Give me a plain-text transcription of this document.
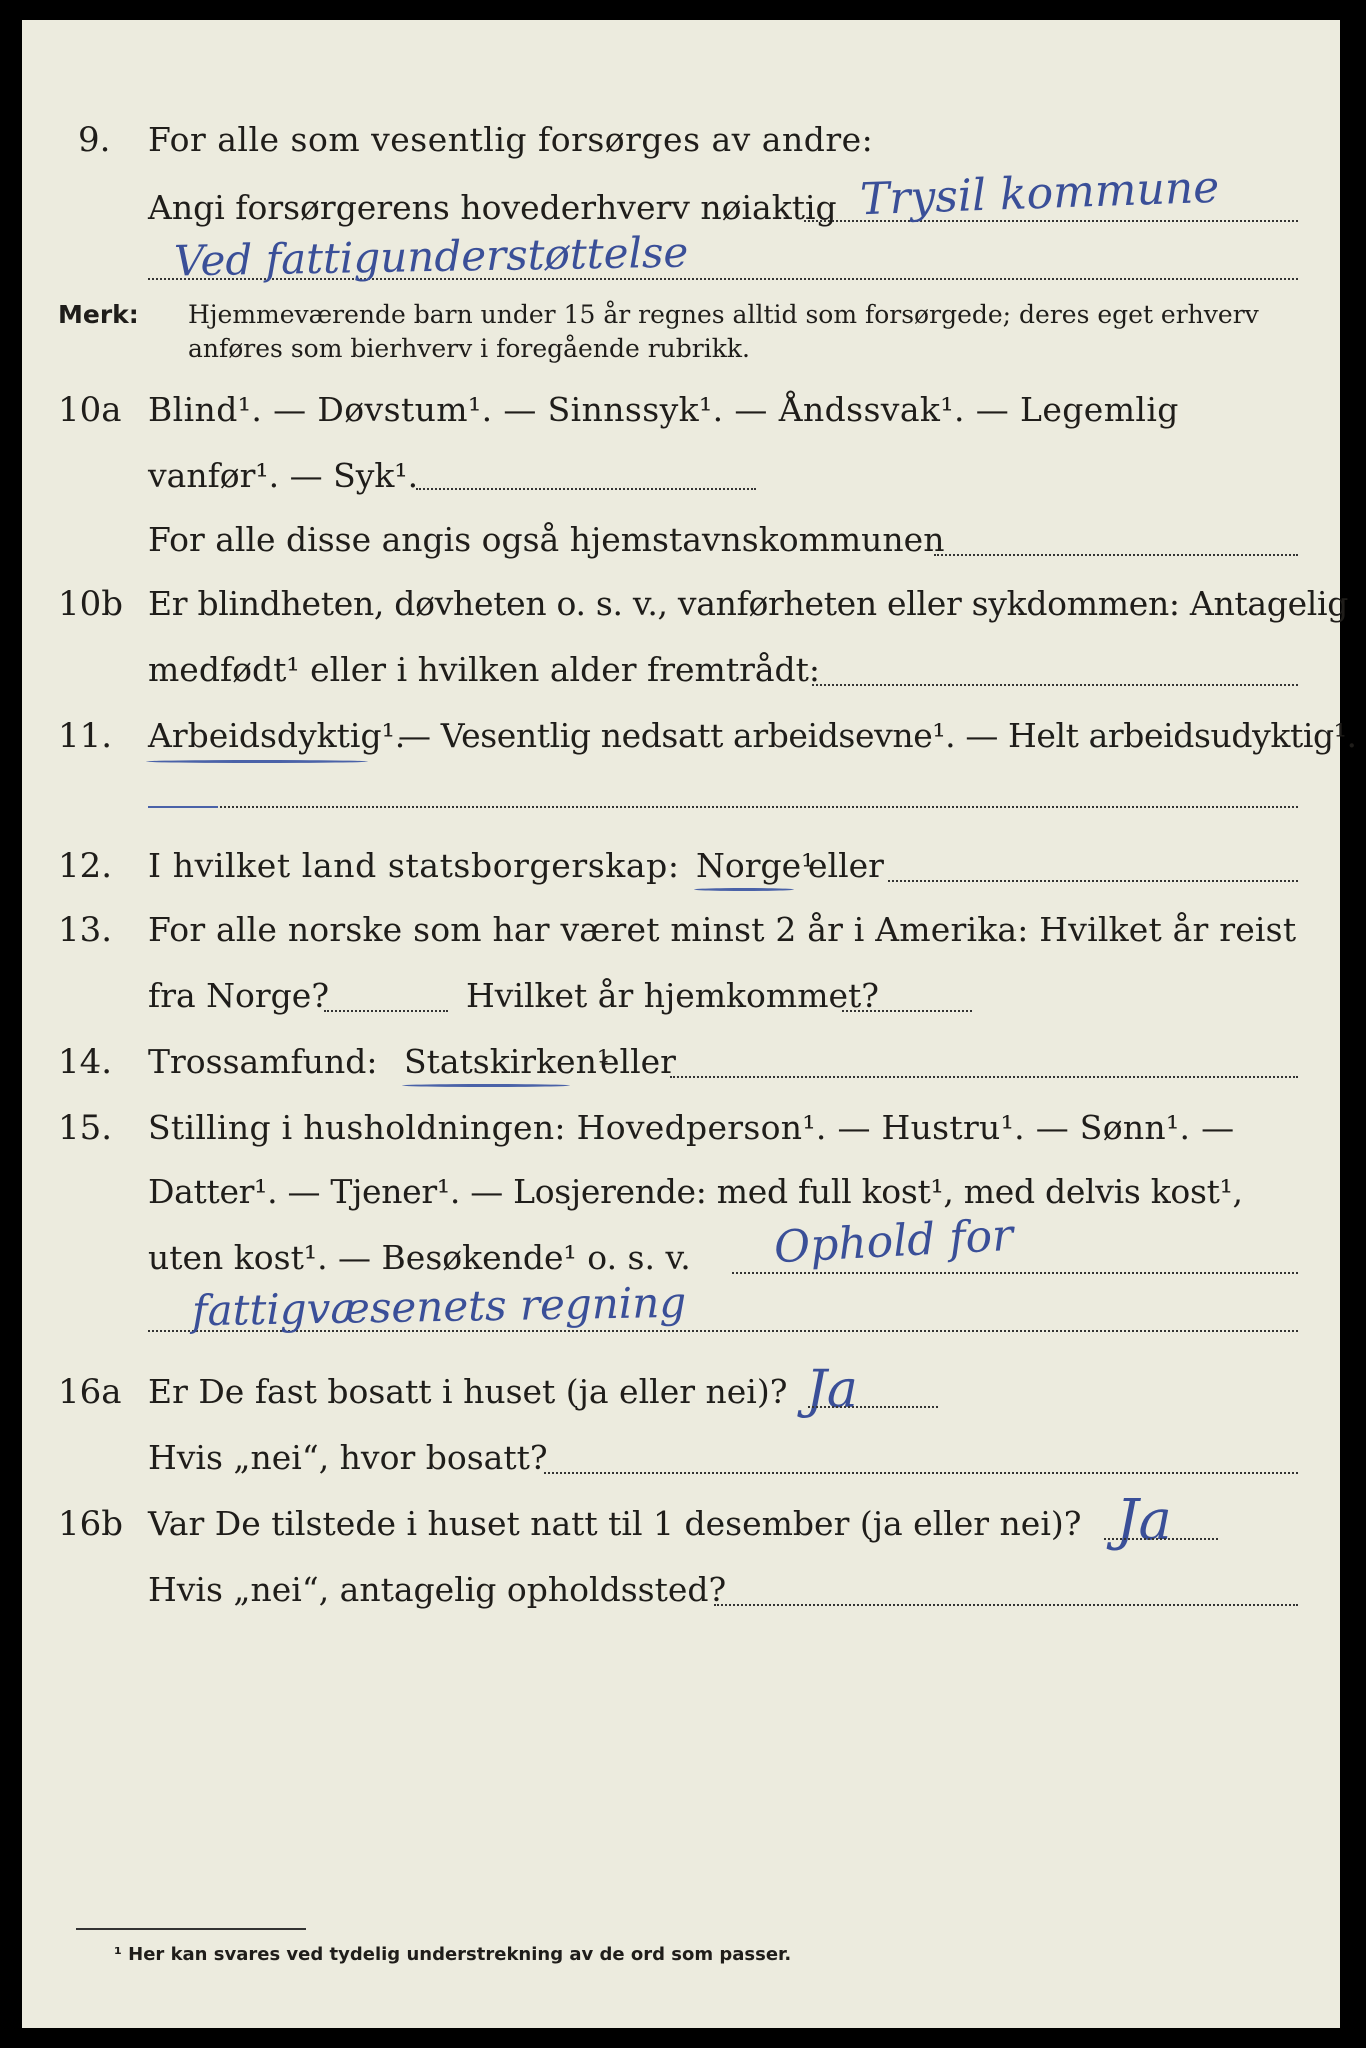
9. For alle som vesentlig forsørges av andre:
Angi forsørgerens hovederhverv nøiaktig Trysil kommune
Ved fattigunderstøttelse
Merk: Hjemmeværende barn under 15 år regnes alltid som forsørgede; deres eget erhverv
anføres som bierhverv i foregående rubrikk.
10a Blind¹. — Døvstum¹. — Sinnssyk¹. — Åndssvak¹. — Legemlig
vanfør¹. — Syk¹.
For alle disse angis også hjemstavnskommunen
10b Er blindheten, døvheten o. s. v., vanførheten eller sykdommen: Antagelig
medfødt¹ eller i hvilken alder fremtrådt:
11. Arbeidsdyktig¹.
— Vesentlig nedsatt arbeidsevne¹. — Helt arbeidsudyktig¹.
12. I hvilket land statsborgerskap: Norge¹
eller
13. For alle norske som har været minst 2 år i Amerika: Hvilket år reist
fra Norge?	Hvilket år hjemkommet?
14. Trossamfund: Statskirken¹
eller
15. Stilling i husholdningen: Hovedperson¹. — Hustru¹. — Sønn¹. —
Datter¹. — Tjener¹. — Losjerende: med full kost¹, med delvis kost¹,
uten kost¹. — Besøkende¹ o. s. v. Ophold for
fattigvæsenets regning
16a Er De fast bosatt i huset (ja eller nei)? Ja
Hvis „nei“, hvor bosatt?
16b Var De tilstede i huset natt til 1 desember (ja eller nei)? Ja
Hvis „nei“, antagelig opholdssted?
¹ Her kan svares ved tydelig understrekning av de ord som passer.
